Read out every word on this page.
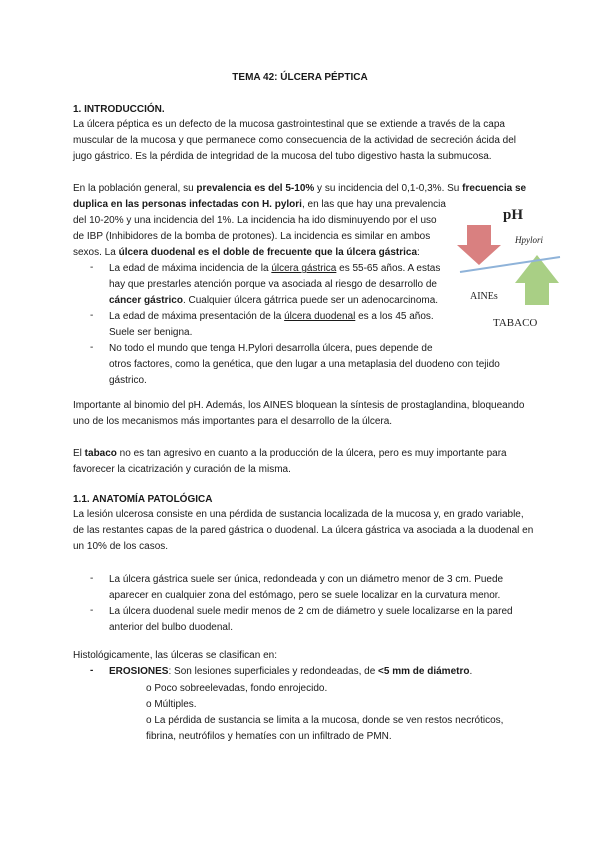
TEMA 42: ÚLCERA PÉPTICA
1. INTRODUCCIÓN.
La úlcera péptica es un defecto de la mucosa gastrointestinal que se extiende a través de la capa
muscular de la mucosa y que permanece como consecuencia de la actividad de secreción ácida del
jugo gástrico. Es la pérdida de integridad de la mucosa del tubo digestivo hasta la submucosa.
En la población general, su prevalencia es del 5-10% y su incidencia del 0,1-0,3%. Su frecuencia se
duplica en las personas infectadas con H. pylori, en las que hay una prevalencia
del 10-20% y una incidencia del 1%. La incidencia ha ido disminuyendo por el uso
de IBP (Inhibidores de la bomba de protones). La incidencia es similar en ambos
sexos. La úlcera duodenal es el doble de frecuente que la úlcera gástrica:
- La edad de máxima incidencia de la úlcera gástrica es 55-65 años. A estas
hay que prestarles atención porque va asociada al riesgo de desarrollo de
cáncer gástrico. Cualquier úlcera gátrrica puede ser un adenocarcinoma.
- La edad de máxima presentación de la úlcera duodenal es a los 45 años.
Suele ser benigna.
- No todo el mundo que tenga H.Pylori desarrolla úlcera, pues depende de
otros factores, como la genética, que den lugar a una metaplasia del duodeno con tejido
gástrico.
pH
Hpylori
AINEs
TABACO
Importante al binomio del pH. Además, los AINES bloquean la síntesis de prostaglandina, bloqueando
uno de los mecanismos más importantes para el desarrollo de la úlcera.
El tabaco no es tan agresivo en cuanto a la producción de la úlcera, pero es muy importante para
favorecer la cicatrización y curación de la misma.
1.1. ANATOMÍA PATOLÓGICA
La lesión ulcerosa consiste en una pérdida de sustancia localizada de la mucosa y, en grado variable,
de las restantes capas de la pared gástrica o duodenal. La úlcera gástrica va asociada a la duodenal en
un 10% de los casos.
- La úlcera gástrica suele ser única, redondeada y con un diámetro menor de 3 cm. Puede
aparecer en cualquier zona del estómago, pero se suele localizar en la curvatura menor.
- La úlcera duodenal suele medir menos de 2 cm de diámetro y suele localizarse en la pared
anterior del bulbo duodenal.
Histológicamente, las úlceras se clasifican en:
- EROSIONES: Son lesiones superficiales y redondeadas, de <5 mm de diámetro.
o Poco sobreelevadas, fondo enrojecido.
o Múltiples.
o La pérdida de sustancia se limita a la mucosa, donde se ven restos necróticos,
fibrina, neutrófilos y hematíes con un infiltrado de PMN.
